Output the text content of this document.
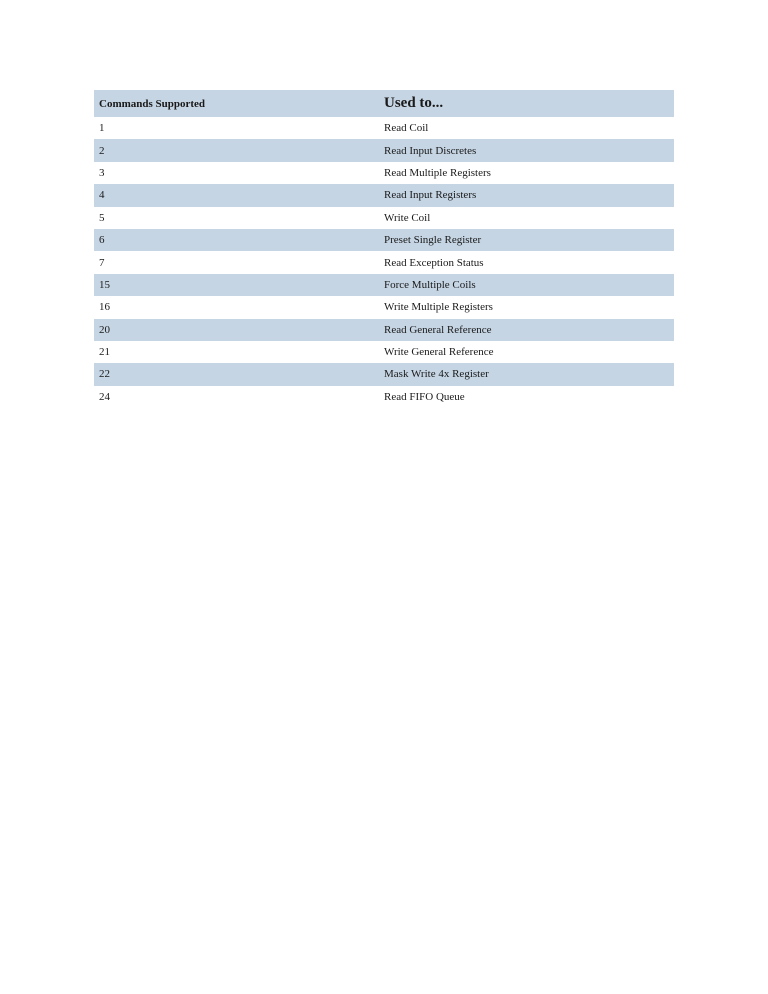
Commands Supported	Used to...
1	Read Coil
2	Read Input Discretes
3	Read Multiple Registers
4	Read Input Registers
5	Write Coil
6	Preset Single Register
7	Read Exception Status
15	Force Multiple Coils
16	Write Multiple Registers
20	Read General Reference
21	Write General Reference
22	Mask Write 4x Register
24	Read FIFO Queue
